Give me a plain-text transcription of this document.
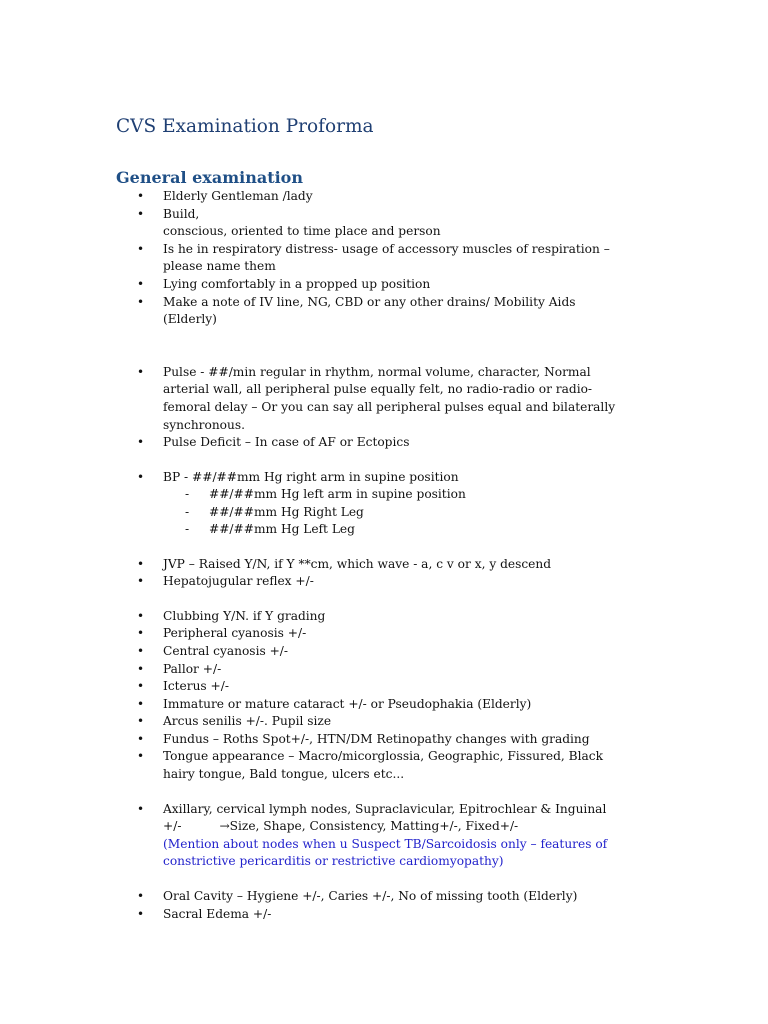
CVS Examination Proforma
General examination
• Elderly Gentleman /lady
• Build,
conscious, oriented to time place and person
• Is he in respiratory distress- usage of accessory muscles of respiration –
please name them
• Lying comfortably in a propped up position
• Make a note of IV line, NG, CBD or any other drains/ Mobility Aids
(Elderly)
• Pulse - ##/min regular in rhythm, normal volume, character, Normal
arterial wall, all peripheral pulse equally felt, no radio-radio or radio-
femoral delay – Or you can say all peripheral pulses equal and bilaterally
synchronous.
• Pulse Deficit – In case of AF or Ectopics
• BP - ##/##mm Hg right arm in supine position
- ##/##mm Hg left arm in supine position
- ##/##mm Hg Right Leg
- ##/##mm Hg Left Leg
• JVP – Raised Y/N, if Y **cm, which wave - a, c v or x, y descend
• Hepatojugular reflex +/-
• Clubbing Y/N. if Y grading
• Peripheral cyanosis +/-
• Central cyanosis +/-
• Pallor +/-
• Icterus +/-
• Immature or mature cataract +/- or Pseudophakia (Elderly)
• Arcus senilis +/-. Pupil size
• Fundus – Roths Spot+/-, HTN/DM Retinopathy changes with grading
• Tongue appearance – Macro/micorglossia, Geographic, Fissured, Black
hairy tongue, Bald tongue, ulcers etc...
• Axillary, cervical lymph nodes, Supraclavicular, Epitrochlear & Inguinal
+/-	→Size, Shape, Consistency, Matting+/-, Fixed+/-
(Mention about nodes when u Suspect TB/Sarcoidosis only – features of
constrictive pericarditis or restrictive cardiomyopathy)
• Oral Cavity – Hygiene +/-, Caries +/-, No of missing tooth (Elderly)
• Sacral Edema +/-
